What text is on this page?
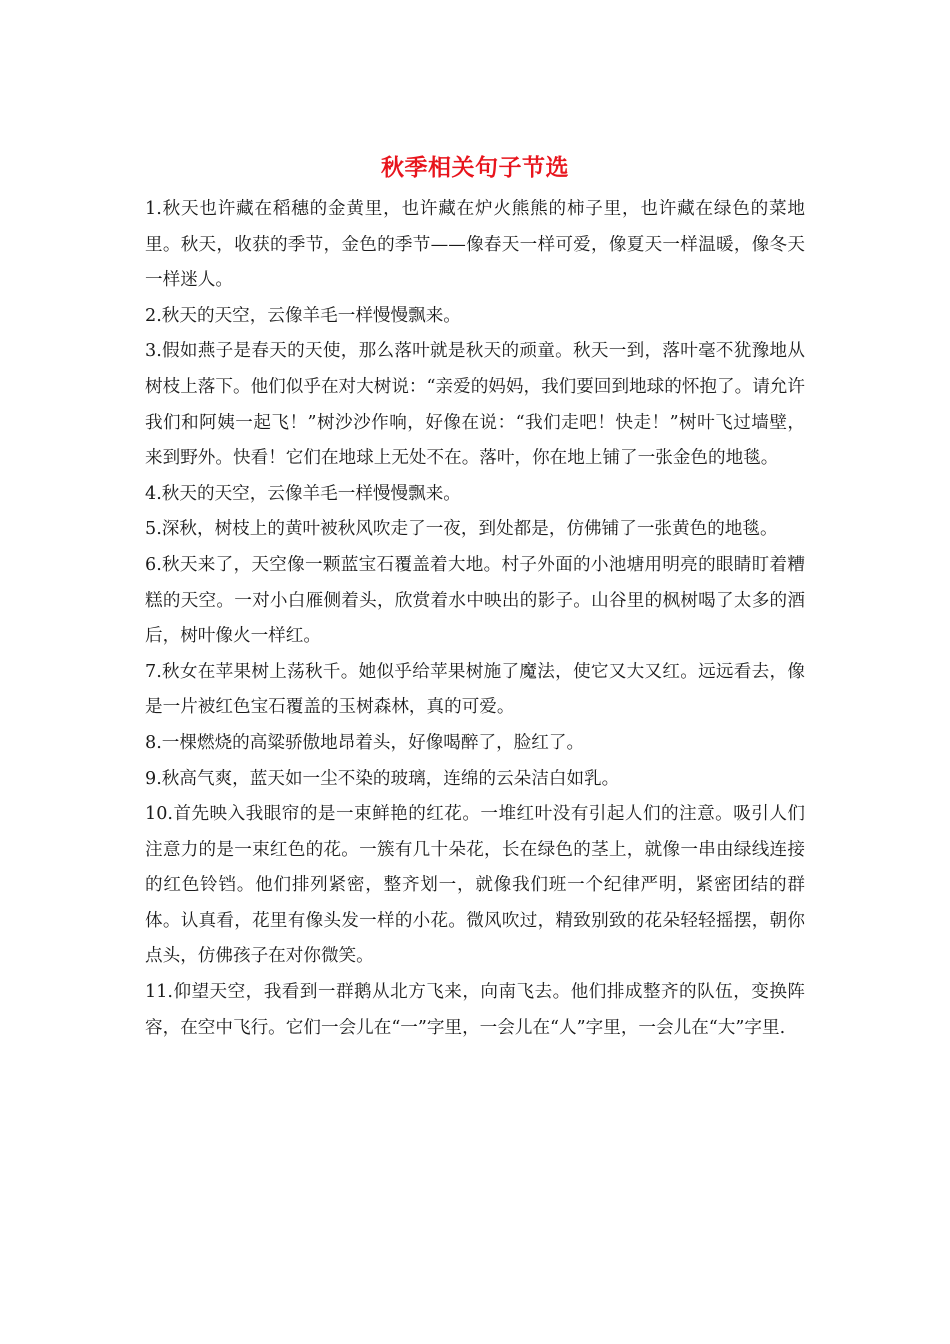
秋季相关句子节选

1.秋天也许藏在稻穗的金黄里，也许藏在炉火熊熊的柿子里，也许藏在绿色的菜地里。秋天，收获的季节，金色的季节——像春天一样可爱，像夏天一样温暖，像冬天一样迷人。

2.秋天的天空，云像羊毛一样慢慢飘来。

3.假如燕子是春天的天使，那么落叶就是秋天的顽童。秋天一到，落叶毫不犹豫地从树枝上落下。他们似乎在对大树说：“亲爱的妈妈，我们要回到地球的怀抱了。请允许我们和阿姨一起飞！”树沙沙作响，好像在说：“我们走吧！快走！”树叶飞过墙壁，来到野外。快看！它们在地球上无处不在。落叶，你在地上铺了一张金色的地毯。

4.秋天的天空，云像羊毛一样慢慢飘来。

5.深秋，树枝上的黄叶被秋风吹走了一夜，到处都是，仿佛铺了一张黄色的地毯。

6.秋天来了，天空像一颗蓝宝石覆盖着大地。村子外面的小池塘用明亮的眼睛盯着糟糕的天空。一对小白雁侧着头，欣赏着水中映出的影子。山谷里的枫树喝了太多的酒后，树叶像火一样红。

7.秋女在苹果树上荡秋千。她似乎给苹果树施了魔法，使它又大又红。远远看去，像是一片被红色宝石覆盖的玉树森林，真的可爱。

8.一棵燃烧的高粱骄傲地昂着头，好像喝醉了，脸红了。

9.秋高气爽，蓝天如一尘不染的玻璃，连绵的云朵洁白如乳。

10.首先映入我眼帘的是一束鲜艳的红花。一堆红叶没有引起人们的注意。吸引人们注意力的是一束红色的花。一簇有几十朵花，长在绿色的茎上，就像一串由绿线连接的红色铃铛。他们排列紧密，整齐划一，就像我们班一个纪律严明，紧密团结的群体。认真看，花里有像头发一样的小花。微风吹过，精致别致的花朵轻轻摇摆，朝你点头，仿佛孩子在对你微笑。

11.仰望天空，我看到一群鹅从北方飞来，向南飞去。他们排成整齐的队伍，变换阵容，在空中飞行。它们一会儿在“一”字里，一会儿在“人”字里，一会儿在“大”字里.
